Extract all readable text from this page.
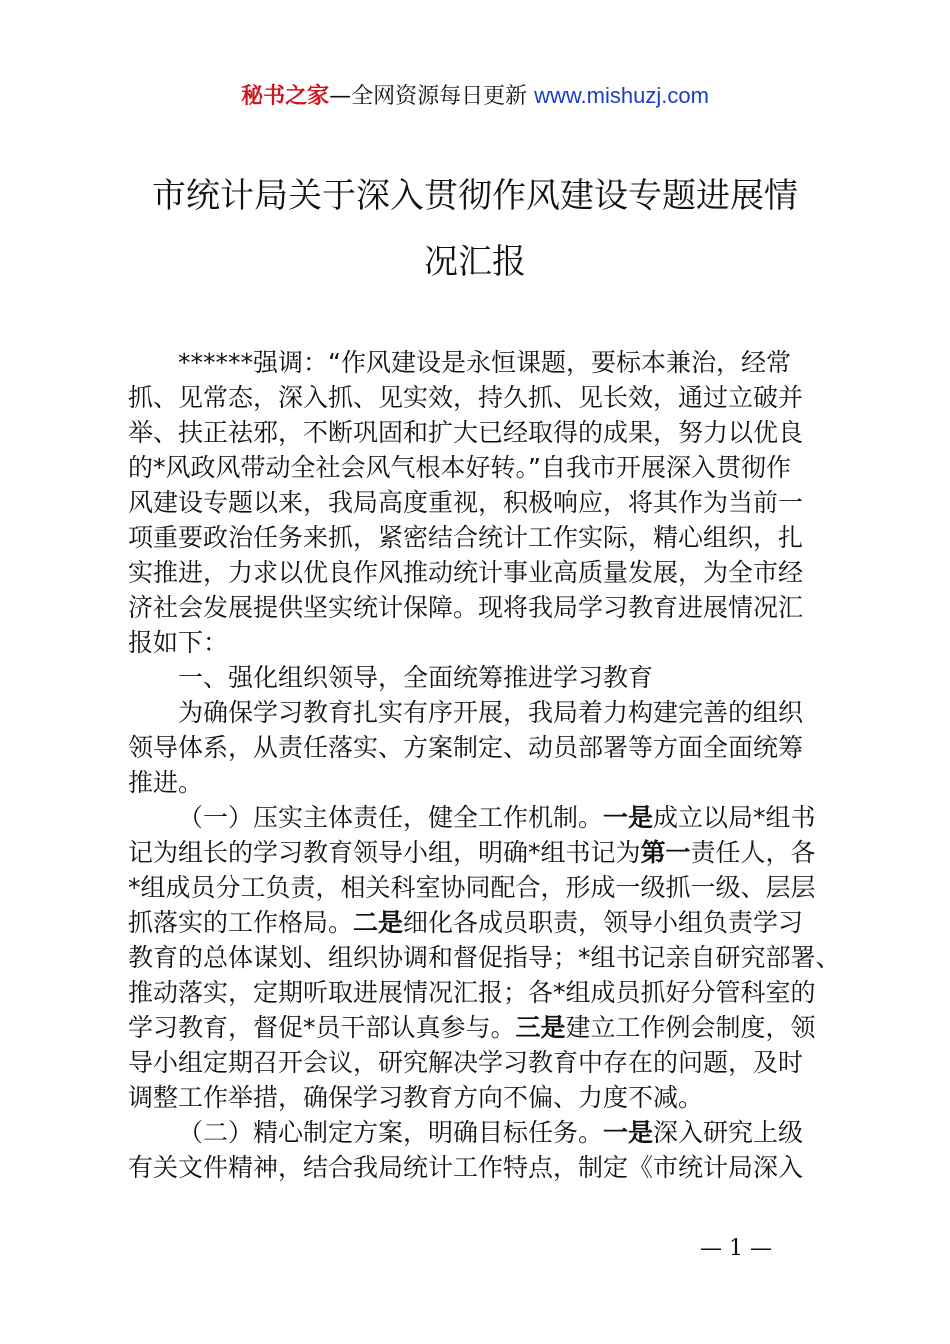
秘书之家—全网资源每日更新 www.mishuzj.com
市统计局关于深入贯彻作风建设专题进展情
况汇报
******强调：“作风建设是永恒课题，要标本兼治，经常
抓、见常态，深入抓、见实效，持久抓、见长效，通过立破并
举、扶正祛邪，不断巩固和扩大已经取得的成果，努力以优良
的*风政风带动全社会风气根本好转。”自我市开展深入贯彻作
风建设专题以来，我局高度重视，积极响应，将其作为当前一
项重要政治任务来抓，紧密结合统计工作实际，精心组织，扎
实推进，力求以优良作风推动统计事业高质量发展，为全市经
济社会发展提供坚实统计保障。现将我局学习教育进展情况汇
报如下：
一、强化组织领导，全面统筹推进学习教育
为确保学习教育扎实有序开展，我局着力构建完善的组织
领导体系，从责任落实、方案制定、动员部署等方面全面统筹
推进。
（一）压实主体责任，健全工作机制。一是成立以局*组书
记为组长的学习教育领导小组，明确*组书记为第一责任人，各
*组成员分工负责，相关科室协同配合，形成一级抓一级、层层
抓落实的工作格局。二是细化各成员职责，领导小组负责学习
教育的总体谋划、组织协调和督促指导；*组书记亲自研究部署、
推动落实，定期听取进展情况汇报；各*组成员抓好分管科室的
学习教育，督促*员干部认真参与。三是建立工作例会制度，领
导小组定期召开会议，研究解决学习教育中存在的问题，及时
调整工作举措，确保学习教育方向不偏、力度不减。
（二）精心制定方案，明确目标任务。一是深入研究上级
有关文件精神，结合我局统计工作特点，制定《市统计局深入
— 1 —
